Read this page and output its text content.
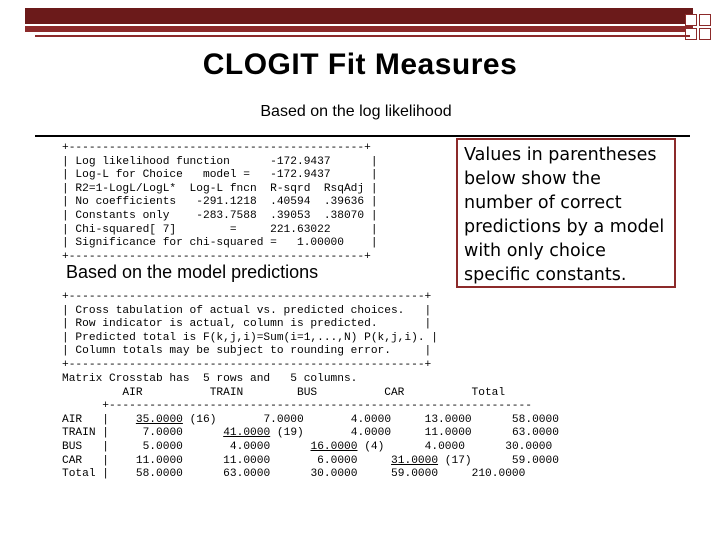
CLOGIT Fit Measures
Based on the log likelihood
+--------------------------------------------+
| Log likelihood function      -172.9437      |
| Log-L for Choice   model =   -172.9437      |
| R2=1-LogL/LogL*  Log-L fncn  R-sqrd  RsqAdj |
| No coefficients   -291.1218  .40594  .39636 |
| Constants only    -283.7588  .39053  .38070 |
| Chi-squared[ 7]        =     221.63022      |
| Significance for chi-squared =   1.00000    |
+--------------------------------------------+
Values in parentheses below show the number of correct predictions by a model with only choice specific constants.
Based on the model predictions
+-----------------------------------------------------+
| Cross tabulation of actual vs. predicted choices.   |
| Row indicator is actual, column is predicted.       |
| Predicted total is F(k,j,i)=Sum(i=1,...,N) P(k,j,i). |
| Column totals may be subject to rounding error.     |
+-----------------------------------------------------+
Matrix Crosstab has  5 rows and   5 columns.
AIR          TRAIN        BUS          CAR          Total
+---------------------------------------------------------------
AIR   | 35.0000 (16)	7.0000	4.0000	13.0000	58.0000
TRAIN |	7.0000	41.0000 (19)	4.0000	11.0000	63.0000
BUS   |	5.0000	4.0000	16.0000 (4)	4.0000	30.0000
CAR   | 11.0000	11.0000	6.0000	31.0000 (17)	59.0000
Total | 58.0000	63.0000	30.0000	59.0000	210.0000
